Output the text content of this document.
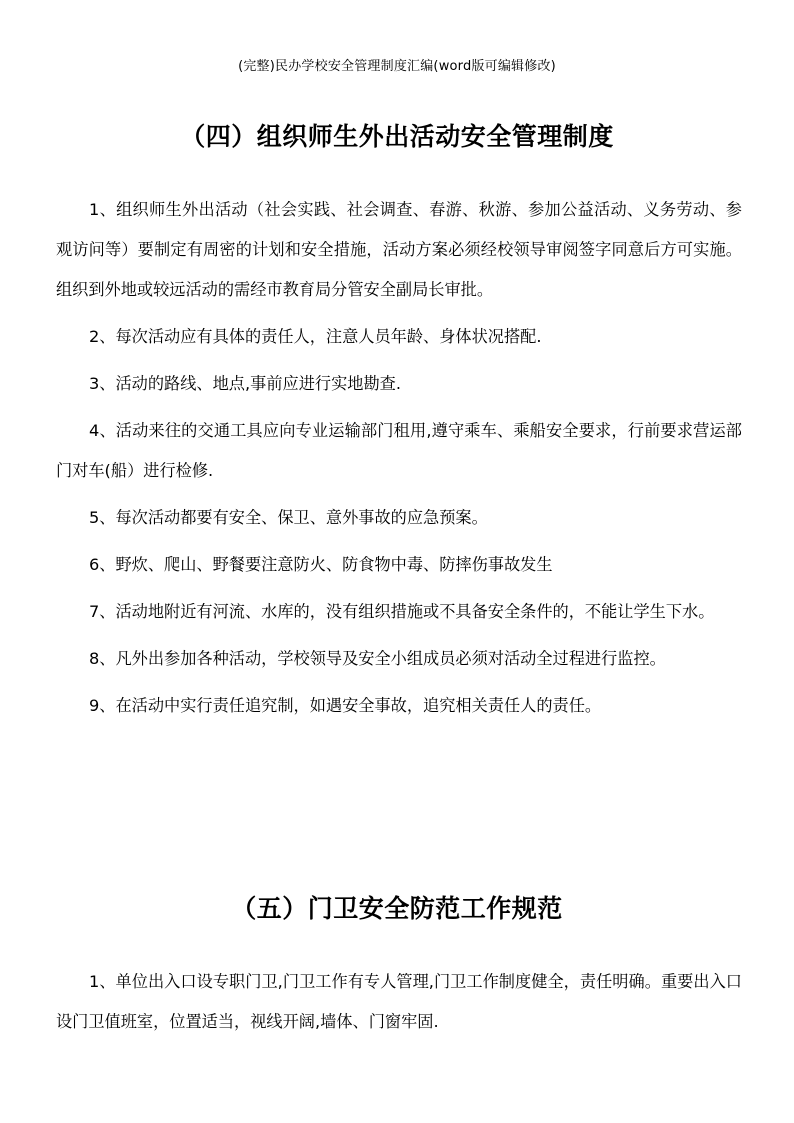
(完整)民办学校安全管理制度汇编(word版可编辑修改)
（四）组织师生外出活动安全管理制度

1、组织师生外出活动（社会实践、社会调查、春游、秋游、参加公益活动、义务劳动、参观访问等）要制定有周密的计划和安全措施，活动方案必须经校领导审阅签字同意后方可实施。组织到外地或较远活动的需经市教育局分管安全副局长审批。

2、每次活动应有具体的责任人，注意人员年龄、身体状况搭配.

3、活动的路线、地点,事前应进行实地勘查.

4、活动来往的交通工具应向专业运输部门租用,遵守乘车、乘船安全要求，行前要求营运部门对车(船）进行检修.

5、每次活动都要有安全、保卫、意外事故的应急预案。

6、野炊、爬山、野餐要注意防火、防食物中毒、防摔伤事故发生

7、活动地附近有河流、水库的，没有组织措施或不具备安全条件的，不能让学生下水。

8、凡外出参加各种活动，学校领导及安全小组成员必须对活动全过程进行监控。

9、在活动中实行责任追究制，如遇安全事故，追究相关责任人的责任。

（五）门卫安全防范工作规范

1、单位出入口设专职门卫,门卫工作有专人管理,门卫工作制度健全，责任明确。重要出入口设门卫值班室，位置适当，视线开阔,墙体、门窗牢固.
